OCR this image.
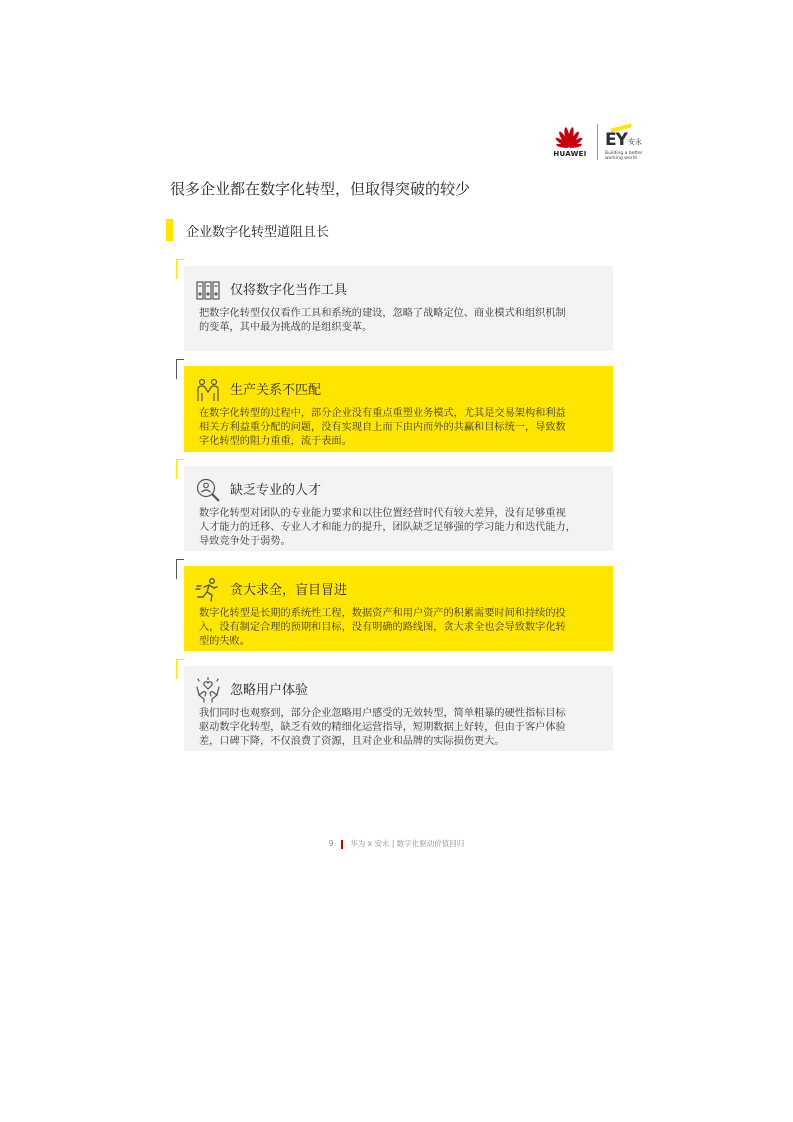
HUAWEI
EY 安永
Building a better
working world
很多企业都在数字化转型，但取得突破的较少
企业数字化转型道阻且长
仅将数字化当作工具
把数字化转型仅仅看作工具和系统的建设，忽略了战略定位、商业模式和组织机制
的变革，其中最为挑战的是组织变革。
生产关系不匹配
在数字化转型的过程中，部分企业没有重点重塑业务模式，尤其是交易架构和利益
相关方利益重分配的问题，没有实现自上而下由内而外的共赢和目标统一，导致数
字化转型的阻力重重，流于表面。
缺乏专业的人才
数字化转型对团队的专业能力要求和以往位置经营时代有较大差异，没有足够重视
人才能力的迁移、专业人才和能力的提升，团队缺乏足够强的学习能力和迭代能力，
导致竞争处于弱势。
贪大求全，盲目冒进
数字化转型是长期的系统性工程，数据资产和用户资产的积累需要时间和持续的投
入，没有制定合理的预期和目标，没有明确的路线图，贪大求全也会导致数字化转
型的失败。
忽略用户体验
我们同时也观察到，部分企业忽略用户感受的无效转型，简单粗暴的硬性指标目标
驱动数字化转型，缺乏有效的精细化运营指导，短期数据上好转，但由于客户体验
差，口碑下降，不仅浪费了资源，且对企业和品牌的实际损伤更大。
9 华为 x 安永 | 数字化驱动价值回归
